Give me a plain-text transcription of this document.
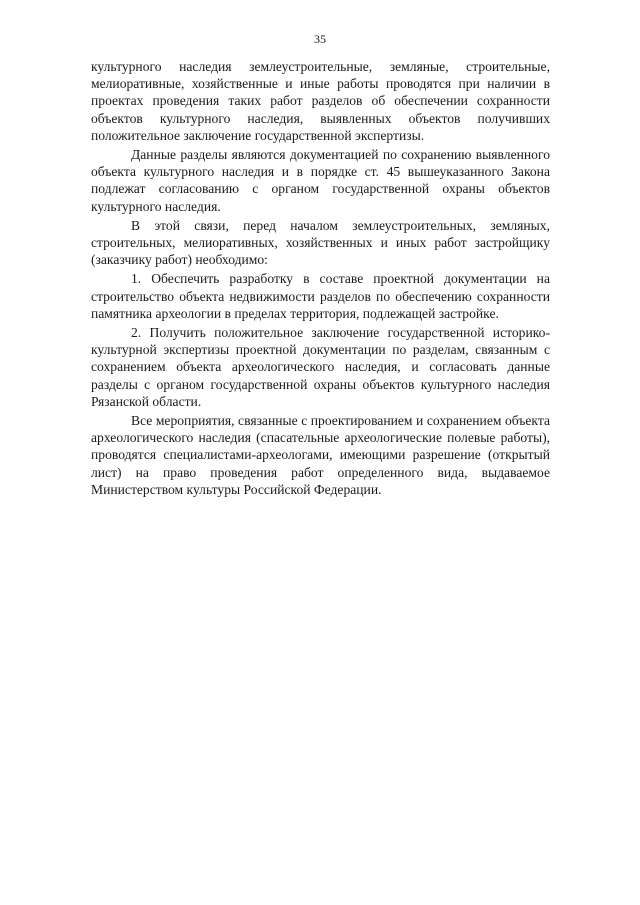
35

культурного наследия землеустроительные, земляные, строительные, мелиоративные, хозяйственные и иные работы проводятся при наличии в проектах проведения таких работ разделов об обеспечении сохранности объектов культурного наследия, выявленных объектов получивших положительное заключение государственной экспертизы.

Данные разделы являются документацией по сохранению выявленного объекта культурного наследия и в порядке ст. 45 вышеуказанного Закона подлежат согласованию с органом государственной охраны объектов культурного наследия.

В этой связи, перед началом землеустроительных, земляных, строительных, мелиоративных, хозяйственных и иных работ застройщику (заказчику работ) необходимо:

1. Обеспечить разработку в составе проектной документации на строительство объекта недвижимости разделов по обеспечению сохранности памятника археологии в пределах территория, подлежащей застройке.

2. Получить положительное заключение государственной историко-культурной экспертизы проектной документации по разделам, связанным с сохранением объекта археологического наследия, и согласовать данные разделы с органом государственной охраны объектов культурного наследия Рязанской области.

Все мероприятия, связанные с проектированием и сохранением объекта археологического наследия (спасательные археологические полевые работы), проводятся специалистами-археологами, имеющими разрешение (открытый лист) на право проведения работ определенного вида, выдаваемое Министерством культуры Российской Федерации.
